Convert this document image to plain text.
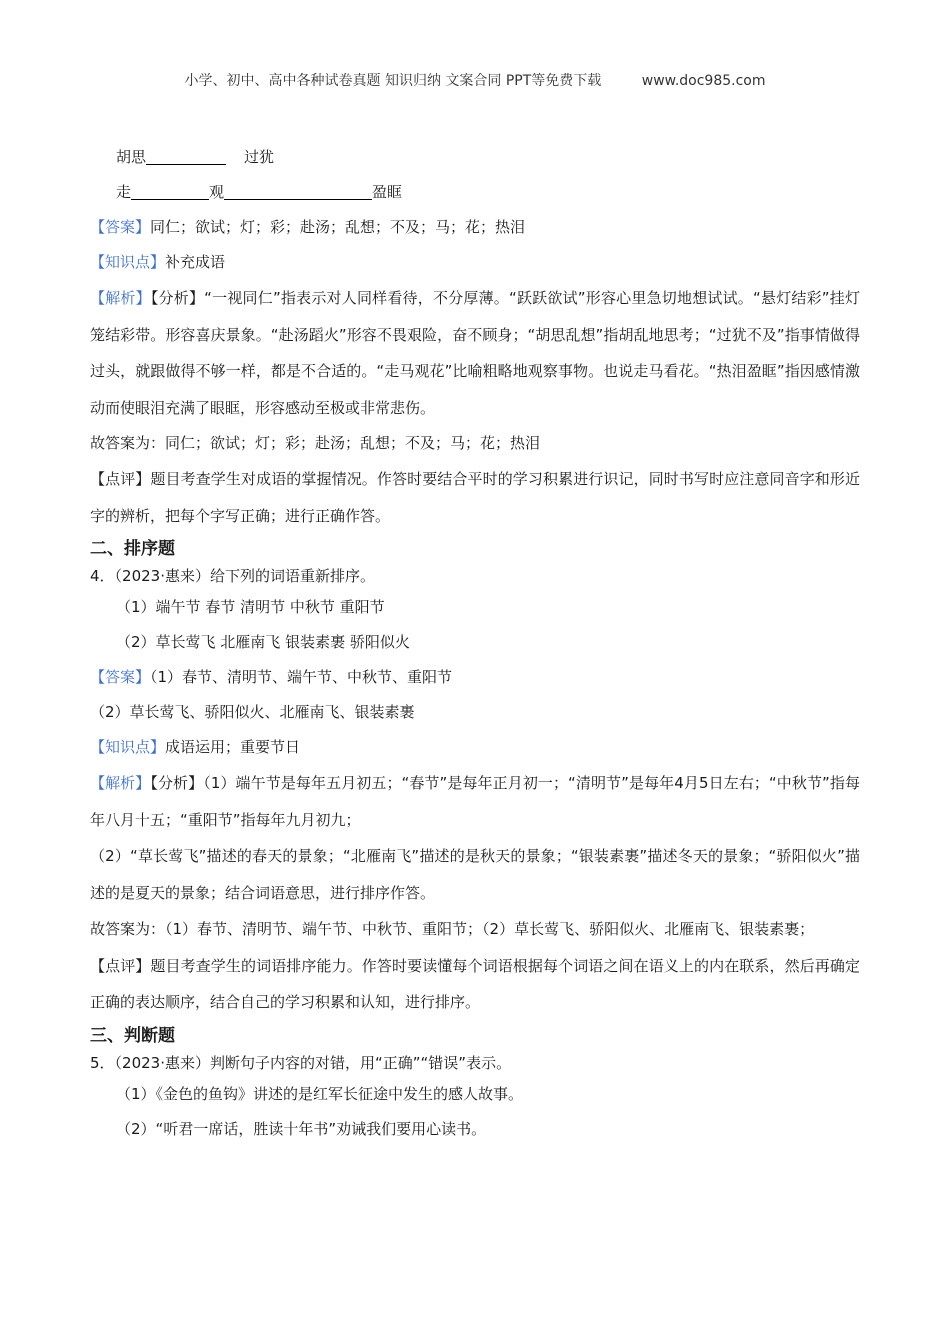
小学、初中、高中各种试卷真题 知识归纳 文案合同 PPT等免费下载	www.doc985.com
胡思	过犹
走	观	盈眶
【答案】同仁；欲试；灯；彩；赴汤；乱想；不及；马；花；热泪
【知识点】补充成语
【解析】【分析】“一视同仁”指表示对人同样看待，不分厚薄。“跃跃欲试”形容心里急切地想试试。“悬灯结彩”挂灯笼结彩带。形容喜庆景象。“赴汤蹈火”形容不畏艰险，奋不顾身；“胡思乱想”指胡乱地思考；“过犹不及”指事情做得过头，就跟做得不够一样，都是不合适的。“走马观花”比喻粗略地观察事物。也说走马看花。“热泪盈眶”指因感情激动而使眼泪充满了眼眶，形容感动至极或非常悲伤。
故答案为：同仁；欲试；灯；彩；赴汤；乱想；不及；马；花；热泪
【点评】题目考查学生对成语的掌握情况。作答时要结合平时的学习积累进行识记，同时书写时应注意同音字和形近字的辨析，把每个字写正确；进行正确作答。
二、排序题
4．（2023·惠来）给下列的词语重新排序。
（1）端午节 春节 清明节 中秋节 重阳节
（2）草长莺飞 北雁南飞 银装素裹 骄阳似火
【答案】（1）春节、清明节、端午节、中秋节、重阳节
（2）草长莺飞、骄阳似火、北雁南飞、银装素裹
【知识点】成语运用；重要节日
【解析】【分析】（1）端午节是每年五月初五；“春节”是每年正月初一；“清明节”是每年4月5日左右；“中秋节”指每年八月十五；“重阳节”指每年九月初九；
（2）“草长莺飞”描述的春天的景象；“北雁南飞”描述的是秋天的景象；“银装素裹”描述冬天的景象；“骄阳似火”描述的是夏天的景象；结合词语意思，进行排序作答。
故答案为：（1）春节、清明节、端午节、中秋节、重阳节；（2）草长莺飞、骄阳似火、北雁南飞、银装素裹；
【点评】题目考查学生的词语排序能力。作答时要读懂每个词语根据每个词语之间在语义上的内在联系，然后再确定正确的表达顺序，结合自己的学习积累和认知，进行排序。
三、判断题
5．（2023·惠来）判断句子内容的对错，用“正确”“错误”表示。
（1）《金色的鱼钩》讲述的是红军长征途中发生的感人故事。
（2）“听君一席话，胜读十年书”劝诫我们要用心读书。
